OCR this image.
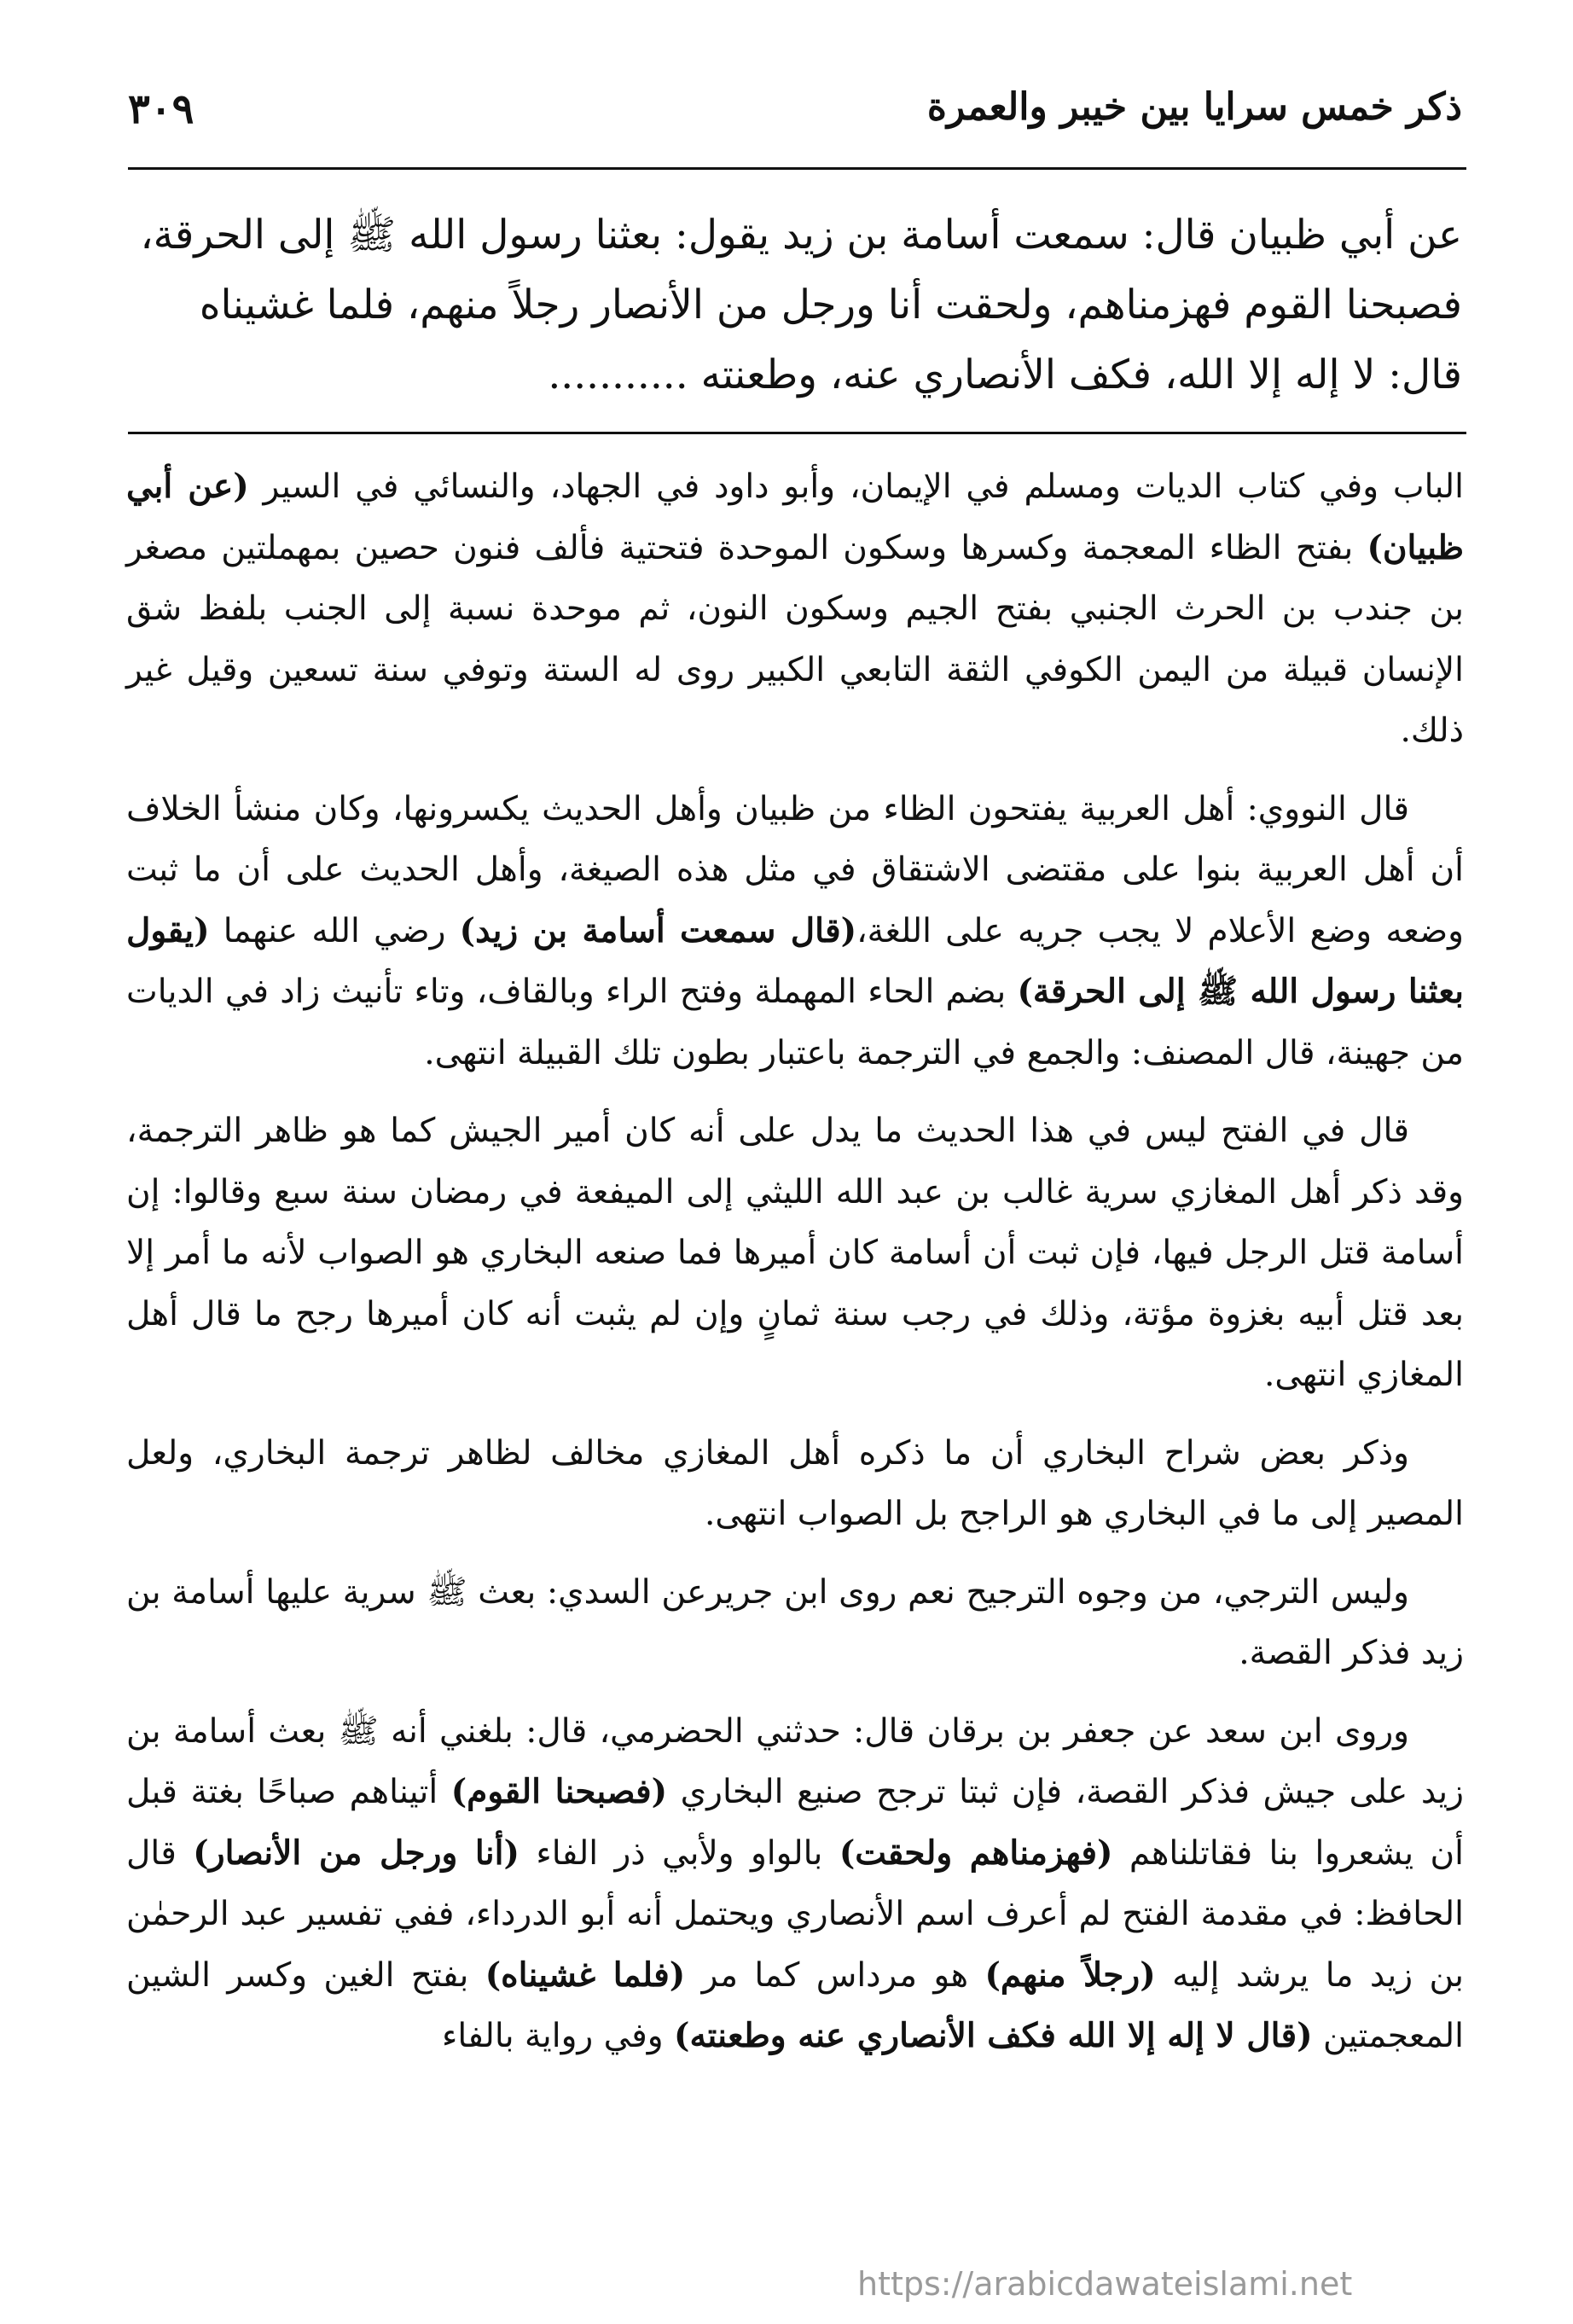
ذكر خمس سرايا بين خيبر والعمرة
٣٠٩

عن أبي ظبيان قال: سمعت أسامة بن زيد يقول: بعثنا رسول الله ﷺ إلى الحرقة،

فصبحنا القوم فهزمناهم، ولحقت أنا ورجل من الأنصار رجلاً منهم، فلما غشيناه

قال: لا إله إلا الله، فكف الأنصاري عنه، وطعنته ...........

الباب وفي كتاب الديات ومسلم في الإيمان، وأبو داود في الجهاد، والنسائي في السير (عن أبي ظبيان) بفتح الظاء المعجمة وكسرها وسكون الموحدة فتحتية فألف فنون حصين بمهملتين مصغر بن جندب بن الحرث الجنبي بفتح الجيم وسكون النون، ثم موحدة نسبة إلى الجنب بلفظ شق الإنسان قبيلة من اليمن الكوفي الثقة التابعي الكبير روى له الستة وتوفي سنة تسعين وقيل غير ذلك.

قال النووي: أهل العربية يفتحون الظاء من ظبيان وأهل الحديث يكسرونها، وكان منشأ الخلاف أن أهل العربية بنوا على مقتضى الاشتقاق في مثل هذه الصيغة، وأهل الحديث على أن ما ثبت وضعه وضع الأعلام لا يجب جريه على اللغة،(قال سمعت أسامة بن زيد) رضي الله عنهما (يقول بعثنا رسول الله ﷺ إلى الحرقة) بضم الحاء المهملة وفتح الراء وبالقاف، وتاء تأنيث زاد في الديات من جهينة، قال المصنف: والجمع في الترجمة باعتبار بطون تلك القبيلة انتهى.

قال في الفتح ليس في هذا الحديث ما يدل على أنه كان أمير الجيش كما هو ظاهر الترجمة، وقد ذكر أهل المغازي سرية غالب بن عبد الله الليثي إلى الميفعة في رمضان سنة سبع وقالوا: إن أسامة قتل الرجل فيها، فإن ثبت أن أسامة كان أميرها فما صنعه البخاري هو الصواب لأنه ما أمر إلا بعد قتل أبيه بغزوة مؤتة، وذلك في رجب سنة ثمانٍ وإن لم يثبت أنه كان أميرها رجح ما قال أهل المغازي انتهى.

وذكر بعض شراح البخاري أن ما ذكره أهل المغازي مخالف لظاهر ترجمة البخاري، ولعل المصير إلى ما في البخاري هو الراجح بل الصواب انتهى.

وليس الترجي، من وجوه الترجيح نعم روى ابن جريرعن السدي: بعث ﷺ سرية عليها أسامة بن زيد فذكر القصة.

وروى ابن سعد عن جعفر بن برقان قال: حدثني الحضرمي، قال: بلغني أنه ﷺ بعث أسامة بن زيد على جيش فذكر القصة، فإن ثبتا ترجح صنيع البخاري (فصبحنا القوم) أتيناهم صباحًا بغتة قبل أن يشعروا بنا فقاتلناهم (فهزمناهم ولحقت) بالواو ولأبي ذر الفاء (أنا ورجل من الأنصار) قال الحافظ: في مقدمة الفتح لم أعرف اسم الأنصاري ويحتمل أنه أبو الدرداء، ففي تفسير عبد الرحمٰن بن زيد ما يرشد إليه (رجلاً منهم) هو مرداس كما مر (فلما غشيناه) بفتح الغين وكسر الشين المعجمتين (قال لا إله إلا الله فكف الأنصاري عنه وطعنته) وفي رواية بالفاء

https://arabicdawateislami.net
